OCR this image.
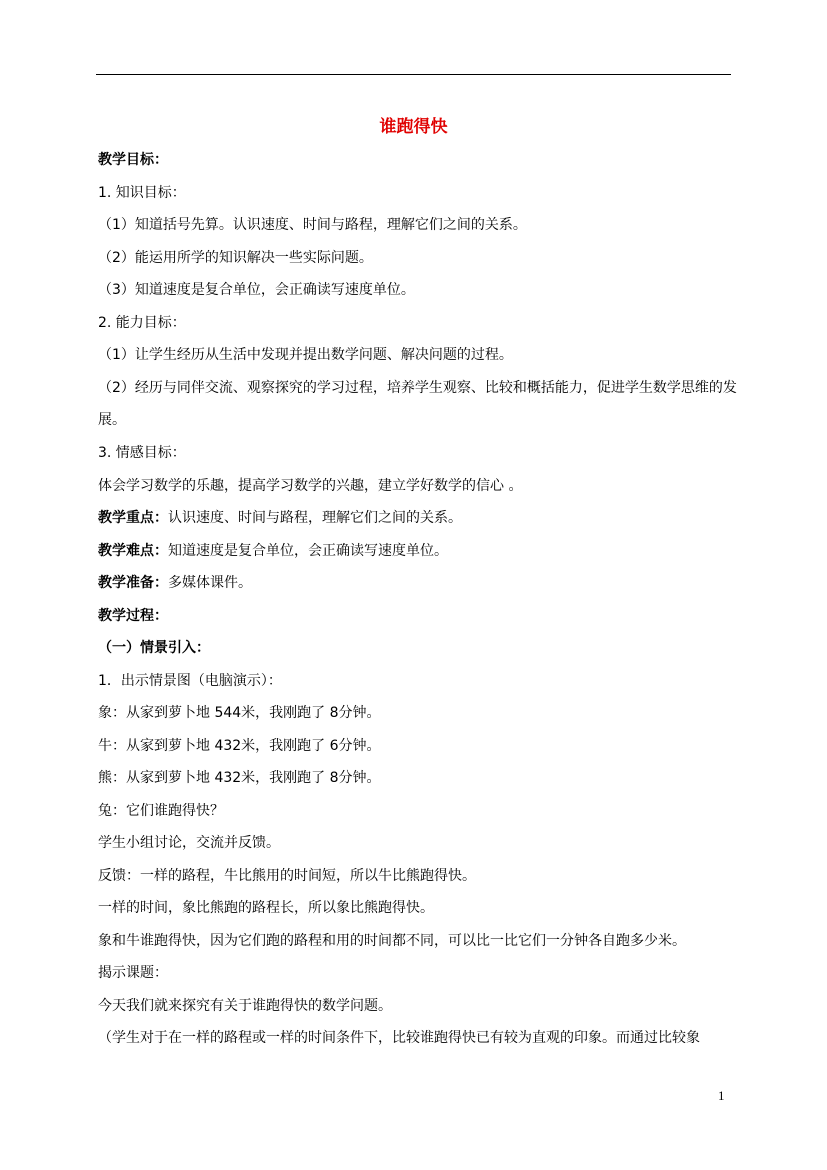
谁跑得快
教学目标：
1. 知识目标：
（1）知道括号先算。认识速度、时间与路程，理解它们之间的关系。
（2）能运用所学的知识解决一些实际问题。
（3）知道速度是复合单位，会正确读写速度单位。
2. 能力目标：
（1）让学生经历从生活中发现并提出数学问题、解决问题的过程。
（2）经历与同伴交流、观察探究的学习过程，培养学生观察、比较和概括能力，促进学生数学思维的发展。
3. 情感目标：
体会学习数学的乐趣，提高学习数学的兴趣，建立学好数学的信心 。
教学重点：认识速度、时间与路程，理解它们之间的关系。
教学难点：知道速度是复合单位，会正确读写速度单位。
教学准备：多媒体课件。
教学过程：
（一）情景引入：
1．出示情景图（电脑演示）：
象：从家到萝卜地 544米，我刚跑了 8分钟。
牛：从家到萝卜地 432米，我刚跑了 6分钟。
熊：从家到萝卜地 432米，我刚跑了 8分钟。
兔：它们谁跑得快？
学生小组讨论，交流并反馈。
反馈：一样的路程，牛比熊用的时间短，所以牛比熊跑得快。
一样的时间，象比熊跑的路程长，所以象比熊跑得快。
象和牛谁跑得快，因为它们跑的路程和用的时间都不同，可以比一比它们一分钟各自跑多少米。
揭示课题：
今天我们就来探究有关于谁跑得快的数学问题。
（学生对于在一样的路程或一样的时间条件下，比较谁跑得快已有较为直观的印象。而通过比较象
1
